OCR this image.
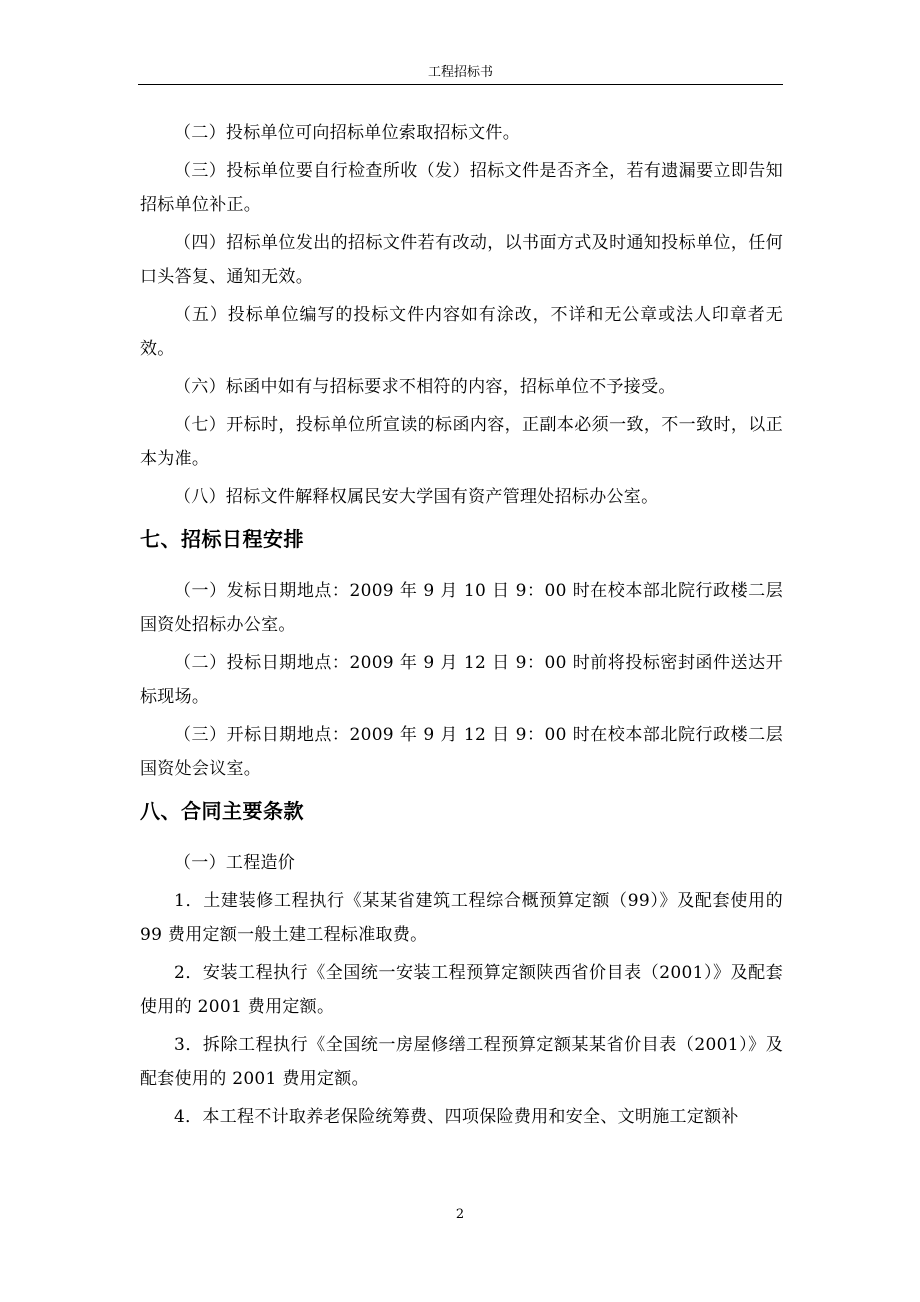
工程招标书

（二）投标单位可向招标单位索取招标文件。

（三）投标单位要自行检查所收（发）招标文件是否齐全，若有遗漏要立即告知招标单位补正。

（四）招标单位发出的招标文件若有改动，以书面方式及时通知投标单位，任何口头答复、通知无效。

（五）投标单位编写的投标文件内容如有涂改，不详和无公章或法人印章者无效。

（六）标函中如有与招标要求不相符的内容，招标单位不予接受。

（七）开标时，投标单位所宣读的标函内容，正副本必须一致，不一致时，以正本为准。

（八）招标文件解释权属民安大学国有资产管理处招标办公室。

七、招标日程安排

（一）发标日期地点：2009 年 9 月 10 日 9：00 时在校本部北院行政楼二层国资处招标办公室。

（二）投标日期地点：2009 年 9 月 12 日 9：00 时前将投标密封函件送达开标现场。

（三）开标日期地点：2009 年 9 月 12 日 9：00 时在校本部北院行政楼二层国资处会议室。

八、合同主要条款

（一）工程造价

1．土建装修工程执行《某某省建筑工程综合概预算定额（99）》及配套使用的 99 费用定额一般土建工程标准取费。

2．安装工程执行《全国统一安装工程预算定额陕西省价目表（2001）》及配套使用的 2001 费用定额。

3．拆除工程执行《全国统一房屋修缮工程预算定额某某省价目表（2001）》及配套使用的 2001 费用定额。

4．本工程不计取养老保险统筹费、四项保险费用和安全、文明施工定额补

2
